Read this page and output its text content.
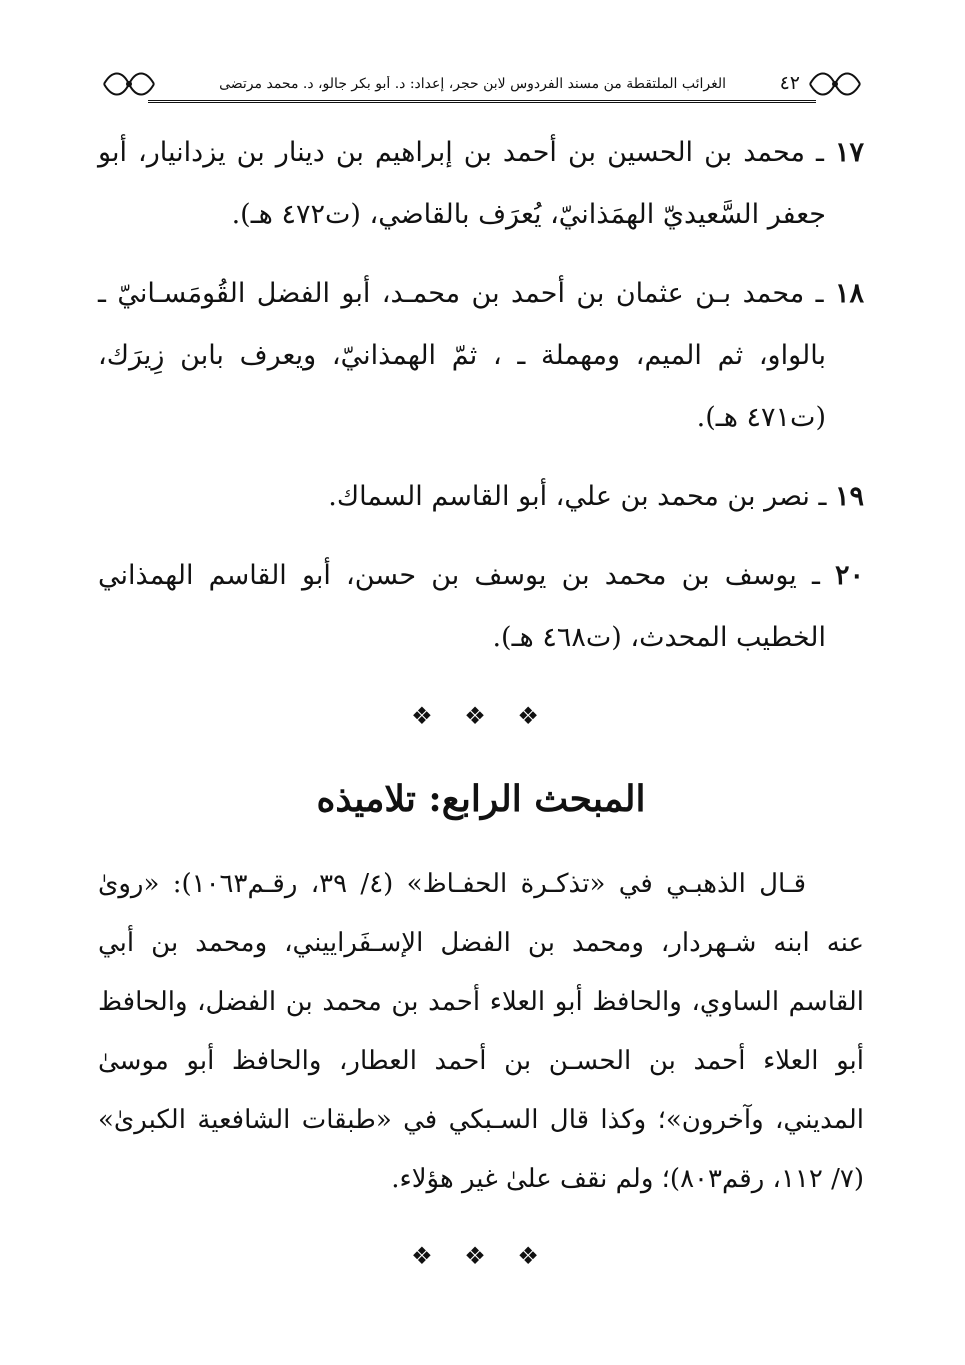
٤٢
الغرائب الملتقطة من مسند الفردوس لابن حجر، إعداد: د. أبو بكر جالو، د. محمد مرتضى

١٧ ـ محمد بن الحسين بن أحمد بن إبراهيم بن دينار بن يزدانيار، أبو جعفر السَّعيديّ الهمَذانيّ، يُعرَف بالقاضي، (ت٤٧٢ هـ).

١٨ ـ محمد بـن عثمان بن أحمد بن محمـد، أبو الفضل القُومَسـانيّ ـ بالواو، ثم الميم، ومهملة ـ ، ثمّ الهمذانيّ، ويعرف بابن زِيرَك، (ت٤٧١ هـ).

١٩ ـ نصر بن محمد بن علي، أبو القاسم السماك.

٢٠ ـ يوسف بن محمد بن يوسف بن حسن، أبو القاسم الهمذاني الخطيب المحدث، (ت٤٦٨ هـ).

❖ ❖ ❖
المبحث الرابع: تلاميذه

قـال الذهبـي في «تذكـرة الحفـاظ» (٤/ ٣٩، رقـم١٠٦٣): «روىٰ عنه ابنه شـهردار، ومحمد بن الفضل الإسـفَراييني، ومحمد بن أبي القاسم الساوي، والحافظ أبو العلاء أحمد بن محمد بن الفضل، والحافظ أبو العلاء أحمد بن الحسـن بن أحمد العطار، والحافظ أبو موسىٰ المديني، وآخرون»؛ وكذا قال السـبكي في «طبقات الشافعية الكبرىٰ» (٧/ ١١٢، رقم٨٠٣)؛ ولم نقف علىٰ غير هؤلاء.

❖ ❖ ❖
